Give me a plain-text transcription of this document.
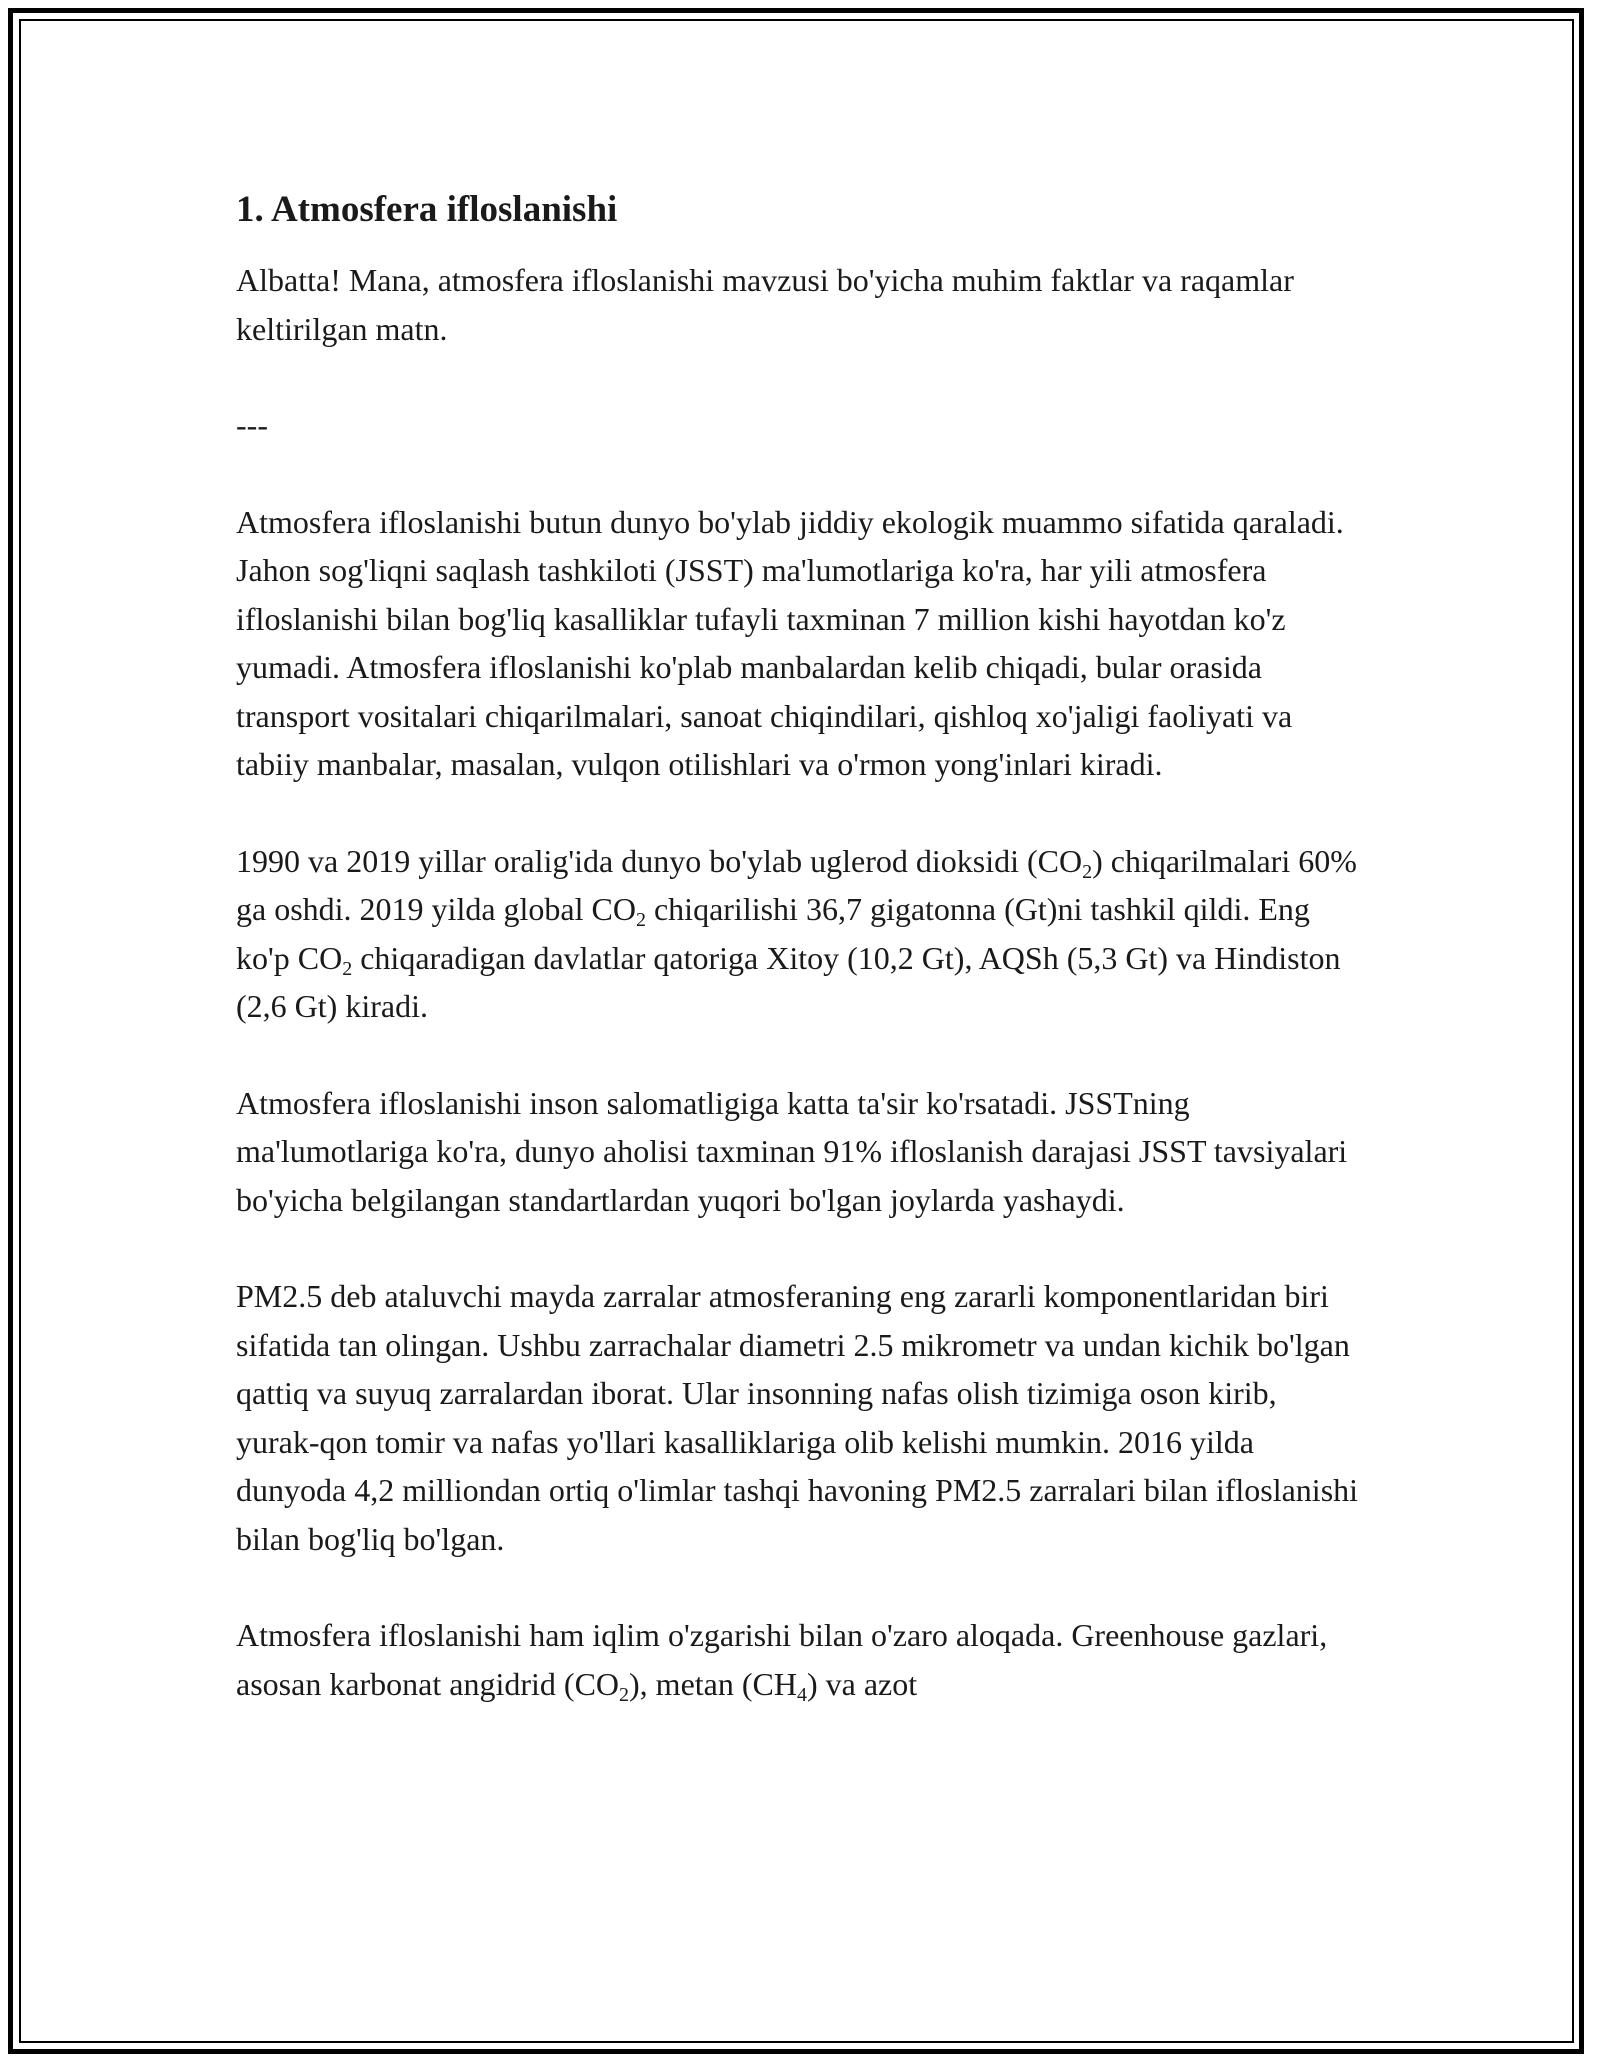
1. Atmosfera ifloslanishi

Albatta! Mana, atmosfera ifloslanishi mavzusi bo'yicha muhim faktlar va raqamlar keltirilgan matn.

---

Atmosfera ifloslanishi butun dunyo bo'ylab jiddiy ekologik muammo sifatida qaraladi. Jahon sog'liqni saqlash tashkiloti (JSST) ma'lumotlariga ko'ra, har yili atmosfera ifloslanishi bilan bog'liq kasalliklar tufayli taxminan 7 million kishi hayotdan ko'z yumadi. Atmosfera ifloslanishi ko'plab manbalardan kelib chiqadi, bular orasida transport vositalari chiqarilmalari, sanoat chiqindilari, qishloq xo'jaligi faoliyati va tabiiy manbalar, masalan, vulqon otilishlari va o'rmon yong'inlari kiradi.

1990 va 2019 yillar oralig'ida dunyo bo'ylab uglerod dioksidi $(CO_2)$ chiqarilmalari 60% ga oshdi. 2019 yilda global $CO_2$ chiqarilishi 36,7 gigatonna (Gt)ni tashkil qildi. Eng ko'p $CO_2$ chiqaradigan davlatlar qatoriga Xitoy (10,2 Gt), AQSh (5,3 Gt) va Hindiston (2,6 Gt) kiradi.

Atmosfera ifloslanishi inson salomatligiga katta ta'sir ko'rsatadi. JSSTning ma'lumotlariga ko'ra, dunyo aholisi taxminan 91% ifloslanish darajasi JSST tavsiyalari bo'yicha belgilangan standartlardan yuqori bo'lgan joylarda yashaydi.

PM2.5 deb ataluvchi mayda zarralar atmosferaning eng zararli komponentlaridan biri sifatida tan olingan. Ushbu zarrachalar diametri 2.5 mikrometr va undan kichik bo'lgan qattiq va suyuq zarralardan iborat. Ular insonning nafas olish tizimiga oson kirib, yurak-qon tomir va nafas yo'llari kasalliklariga olib kelishi mumkin. 2016 yilda dunyoda 4,2 milliondan ortiq o'limlar tashqi havoning PM2.5 zarralari bilan ifloslanishi bilan bog'liq bo'lgan.

Atmosfera ifloslanishi ham iqlim o'zgarishi bilan o'zaro aloqada. Greenhouse gazlari, asosan karbonat angidrid $(CO_2)$, metan $(CH_4)$ va azot
